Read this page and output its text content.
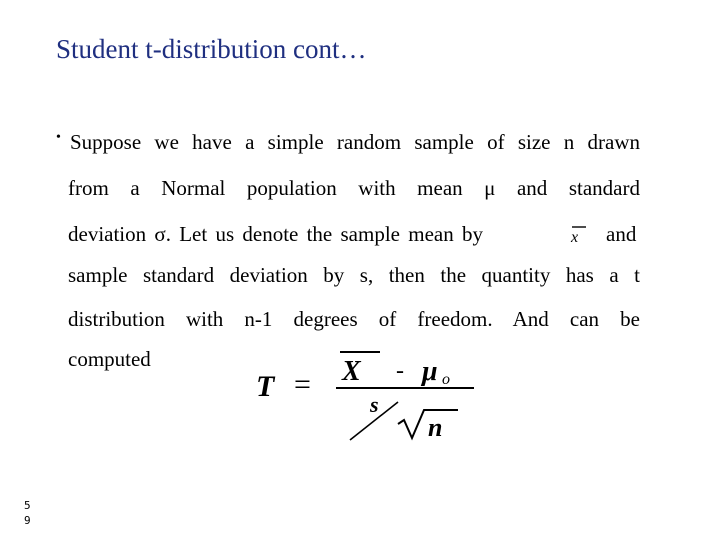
Student t-distribution cont…
• Suppose we have a simple random sample of size n drawn
from a Normal population with mean μ and standard
deviation σ. Let us denote the sample mean by	x and
sample standard deviation by s, then the quantity has a t
distribution with n-1 degrees of freedom. And can be
computed
T = X - μ o
s
n
5
9
